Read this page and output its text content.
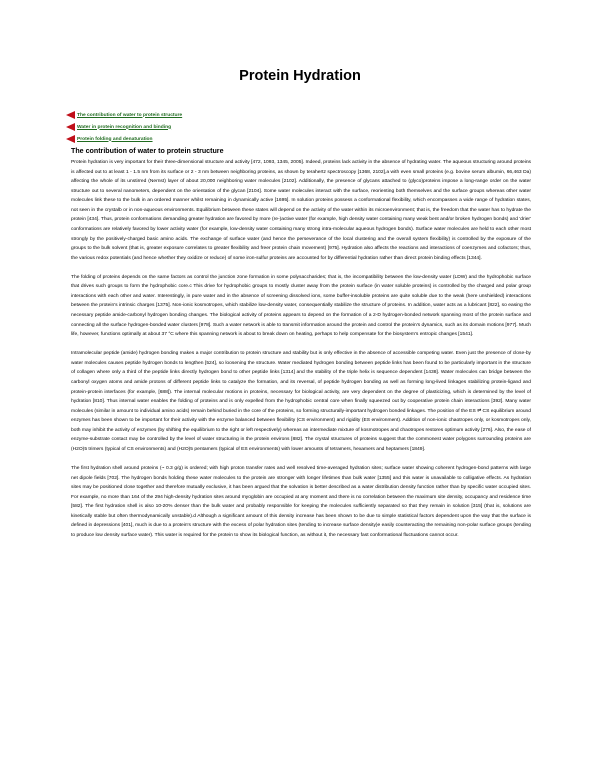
Protein Hydration
The contribution of water to protein structure
Water in protein recognition and binding
Protein folding and denaturation
The contribution of water to protein structure

Protein hydration is very important for their three-dimensional structure and activity [472, 1093, 1345, 2005]. Indeed, proteins lack activity in the absence of hydrating water. The aqueous structuring around proteins is affected out to at least 1 - 1.5 nm from its surface or 2 - 3 nm between neighboring proteins, as shown by terahertz spectroscopy [1368, 2102],a with even small proteins (e.g. bovine serum albumin, 66,463 Da) affecting the whole of its unstirred (Nernst) layer of about 20,000 neighboring water molecules [2102]. Additionally, the presence of glycans attached to (glyco)proteins impose a long-range order on the water structure out to several nanometers, dependent on the orientation of the glycan [2104]. Some water molecules interact with the surface, reorienting both themselves and the surface groups whereas other water molecules link these to the bulk in an ordered manner whilst remaining in dynamically active [1695]. In solution proteins possess a conformational flexibility, which encompasses a wide range of hydration states, not seen in the crystalb or in non-aqueous environments. Equilibrium between these states will depend on the activity of the water within its microenvironment; that is, the freedom that the water has to hydrate the protein [434]. Thus, protein conformations demanding greater hydration are favored by more (re-)active water (for example, high density water containing many weak bent and/or broken hydrogen bonds) and 'drier' conformations are relatively favored by lower activity water (for example, low-density water containing many strong intra-molecular aqueous hydrogen bonds). Surface water molecules are held to each other most strongly by the positively-charged basic amino acids. The exchange of surface water (and hence the perseverance of the local clustering and the overall system flexibility) is controlled by the exposure of the groups to the bulk solvent (that is, greater exposure correlates to greater flexibility and freer protein chain movement) [975]. Hydration also affects the reactions and interactions of coenzymes and cofactors; thus, the various redox potentials (and hence whether they oxidize or reduce) of some iron-sulfur proteins are accounted for by differential hydration rather than direct protein binding effects [1344].

The folding of proteins depends on the same factors as control the junction zone formation in some polysaccharides; that is, the incompatibility between the low-density water (LDW) and the hydrophobic surface that drives such groups to form the hydrophobic core.c This drive for hydrophobic groups to mostly cluster away from the protein surface (in water soluble proteins) is controlled by the charged and polar group interactions with each other and water. Interestingly, in pure water and in the absence of screening dissolved ions, some buffer-insoluble proteins are quite soluble due to the weak (here unshielded) interactions between the protein's intrinsic charges [1375]. Non-ionic kosmotropes, which stabilize low-density water, consequentially stabilize the structure of proteins. In addition, water acts as a lubricant [822], so easing the necessary peptide amide-carbonyl hydrogen bonding changes. The biological activity of proteins appears to depend on the formation of a 2-D hydrogen-bonded network spanning most of the protein surface and connecting all the surface hydrogen-bonded water clusters [978]. Such a water network is able to transmit information around the protein and control the protein's dynamics, such as its domain motions [977]. Much life, however, functions optimally at about 37 °C where this spanning network is about to break down on heating, perhaps to help compensate for the biosystem's entropic changes [1541].

Intramolecular peptide (amide) hydrogen bonding makes a major contribution to protein structure and stability but is only effective in the absence of accessible competing water. Even just the presence of close-by water molecules causes peptide hydrogen bonds to lengthen [524], so loosening the structure. Water mediated hydrogen bonding between peptide links has been found to be particularly important in the structure of collagen where only a third of the peptide links directly hydrogen bond to other peptide links [1314] and the stability of the triple helix is sequence dependent [1438]. Water molecules can bridge between the carbonyl oxygen atoms and amide protons of different peptide links to catalyze the formation, and its reversal, of peptide hydrogen bonding as well as forming long-lived linkages stabilizing protein-ligand and protein-protein interfaces (for example, [688]). The internal molecular motions in proteins, necessary for biological activity, are very dependent on the degree of plasticizing, which is determined by the level of hydration [810]. Thus internal water enables the folding of proteins and is only expelled from the hydrophobic central core when finally squeezed out by cooperative protein chain interactions [392]. Many water molecules (similar in amount to individual amino acids) remain behind buried in the core of the proteins, so forming structurally-important hydrogen bonded linkages. The position of the ES ⇌ CS equilibrium around enzymes has been shown to be important for their activity with the enzyme balanced between flexibility (CS environment) and rigidity (ES environment). Addition of non-ionic chaotropes only, or kosmotropes only, both may inhibit the activity of enzymes (by shifting the equilibrium to the right or left respectively) whereas an intermediate mixture of kosmotropes and chaotropes restores optimum activity [276]. Also, the ease of enzyme-substrate contact may be controlled by the level of water structuring in the protein environs [882]. The crystal structures of proteins suggest that the commonest water polygons surrounding proteins are (H2O)5 trimers (typical of CS environments) and (H2O)5 pentamers (typical of ES environments) with lower amounts of tetramers, hexamers and heptamers [1849].

The first hydration shell around proteins (~ 0.3 g/g) is ordered; with high proton transfer rates and well resolved time-averaged hydration sites; surface water showing coherent hydrogen-bond patterns with large net dipole fields [702]. The hydrogen bonds holding these water molecules to the protein are stronger with longer lifetimes than bulk water [1355] and this water is unavailable to colligative effects. As hydration sites may be positioned close together and therefore mutually exclusive, it has been argued that the solvation is better described as a water distribution density function rather than by specific water occupied sites. For example, no more than 164 of the 294 high-density hydration sites around myoglobin are occupied at any moment and there is no correlation between the maximum site density, occupancy and residence time [582]. The first hydration shell is also 10-20% denser than the bulk water and probably responsible for keeping the molecules sufficiently separated so that they remain in solution [315] (that is, solutions are kinetically stable but often thermodynamically unstable).d Although a significant amount of this density increase has been shown to be due to simple statistical factors dependent upon the way that the surface is defined in depressions [401], much is due to a protein's structure with the excess of polar hydration sites (tending to increase surface density)e easily counteracting the remaining non-polar surface groups (tending to produce low density surface water). This water is required for the protein to show its biological function, as without it, the necessary fast conformational fluctuations cannot occur.
